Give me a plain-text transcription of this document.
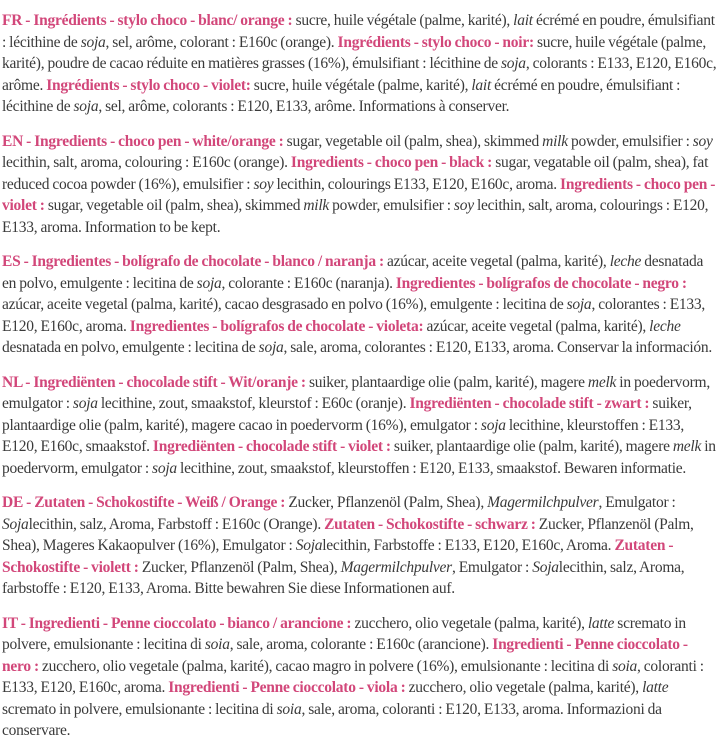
FR - Ingrédients - stylo choco - blanc/ orange : sucre, huile végétale (palme, karité), lait écrémé en poudre, émulsifiant : lécithine de soja, sel, arôme, colorant : E160c (orange). Ingrédients - stylo choco - noir: sucre, huile végétale (palme, karité), poudre de cacao réduite en matières grasses (16%), émulsifiant : lécithine de soja, colorants : E133, E120, E160c, arôme. Ingrédients - stylo choco - violet: sucre, huile végétale (palme, karité), lait écrémé en poudre, émulsifiant : lécithine de soja, sel, arôme, colorants : E120, E133, arôme. Informations à conserver.

EN - Ingredients - choco pen - white/orange : sugar, vegetable oil (palm, shea), skimmed milk powder, emulsifier : soy lecithin, salt, aroma, colouring : E160c (orange). Ingredients - choco pen - black : sugar, vegatable oil (palm, shea), fat reduced cocoa powder (16%), emulsifier : soy lecithin, colourings E133, E120, E160c, aroma. Ingredients - choco pen - violet : sugar, vegetable oil (palm, shea), skimmed milk powder, emulsifier : soy lecithin, salt, aroma, colourings : E120, E133, aroma. Information to be kept.

ES - Ingredientes - bolígrafo de chocolate - blanco / naranja : azúcar, aceite vegetal (palma, karité), leche desnatada en polvo, emulgente : lecitina de soja, colorante : E160c (naranja). Ingredientes - bolígrafos de chocolate - negro : azúcar, aceite vegetal (palma, karité), cacao desgrasado en polvo (16%), emulgente : lecitina de soja, colorantes : E133, E120, E160c, aroma. Ingredientes - bolígrafos de chocolate - violeta: azúcar, aceite vegetal (palma, karité), leche desnatada en polvo, emulgente : lecitina de soja, sale, aroma, colorantes : E120, E133, aroma. Conservar la información.

NL - Ingrediënten - chocolade stift - Wit/oranje : suiker, plantaardige olie (palm, karité), magere melk in poedervorm, emulgator : soja lecithine, zout, smaakstof, kleurstof : E60c (oranje). Ingrediënten - chocolade stift - zwart : suiker, plantaardige olie (palm, karité), magere cacao in poedervorm (16%), emulgator : soja lecithine, kleurstoffen : E133, E120, E160c, smaakstof. Ingrediënten - chocolade stift - violet : suiker, plantaardige olie (palm, karité), magere melk in poedervorm, emulgator : soja lecithine, zout, smaakstof, kleurstoffen : E120, E133, smaakstof. Bewaren informatie.

DE - Zutaten - Schokostifte - Weiß / Orange : Zucker, Pflanzenöl (Palm, Shea), Magermilchpulver, Emulgator : Sojalecithin, salz, Aroma, Farbstoff : E160c (Orange). Zutaten - Schokostifte - schwarz : Zucker, Pflanzenöl (Palm, Shea), Mageres Kakaopulver (16%), Emulgator : Sojalecithin, Farbstoffe : E133, E120, E160c, Aroma. Zutaten - Schokostifte - violett : Zucker, Pflanzenöl (Palm, Shea), Magermilchpulver, Emulgator : Sojalecithin, salz, Aroma, farbstoffe : E120, E133, Aroma. Bitte bewahren Sie diese Informationen auf.

IT - Ingredienti - Penne cioccolato - bianco / arancione : zucchero, olio vegetale (palma, karité), latte scremato in polvere, emulsionante : lecitina di soia, sale, aroma, colorante : E160c (arancione). Ingredienti - Penne cioccolato - nero : zucchero, olio vegetale (palma, karité), cacao magro in polvere (16%), emulsionante : lecitina di soia, coloranti : E133, E120, E160c, aroma. Ingredienti - Penne cioccolato - viola : zucchero, olio vegetale (palma, karité), latte scremato in polvere, emulsionante : lecitina di soia, sale, aroma, coloranti : E120, E133, aroma. Informazioni da conservare.
